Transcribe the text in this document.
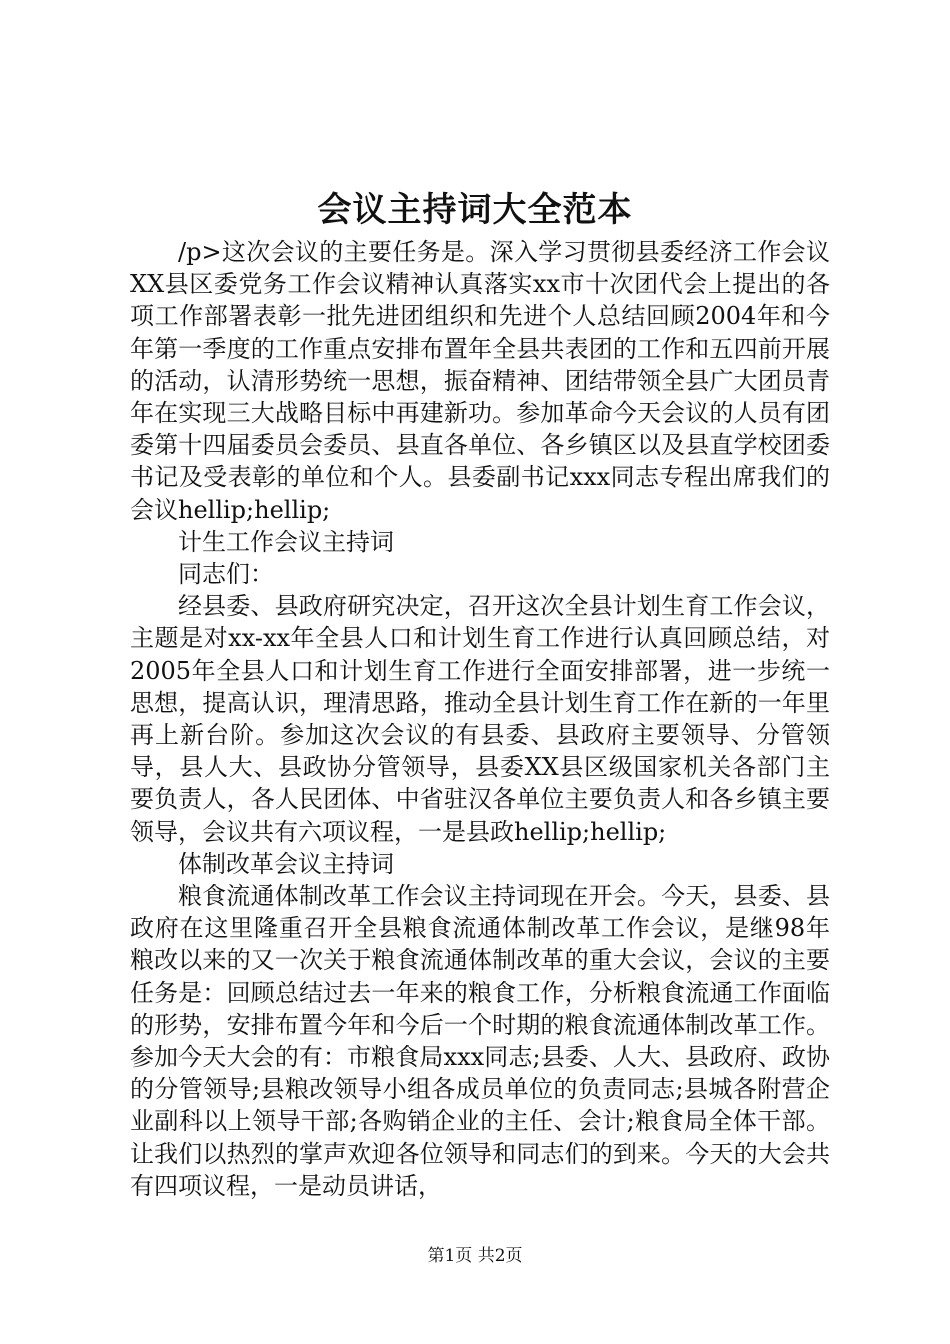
会议主持词大全范本

/p>这次会议的主要任务是。深入学习贯彻县委经济工作会议XX县区委党务工作会议精神认真落实xx市十次团代会上提出的各项工作部署表彰一批先进团组织和先进个人总结回顾2004年和今年第一季度的工作重点安排布置年全县共表团的工作和五四前开展的活动，认清形势统一思想，振奋精神、团结带领全县广大团员青年在实现三大战略目标中再建新功。参加革命今天会议的人员有团委第十四届委员会委员、县直各单位、各乡镇区以及县直学校团委书记及受表彰的单位和个人。县委副书记xxx同志专程出席我们的会议hellip;hellip;

计生工作会议主持词

同志们：

经县委、县政府研究决定，召开这次全县计划生育工作会议，主题是对xx-xx年全县人口和计划生育工作进行认真回顾总结，对2005年全县人口和计划生育工作进行全面安排部署，进一步统一思想，提高认识，理清思路，推动全县计划生育工作在新的一年里再上新台阶。参加这次会议的有县委、县政府主要领导、分管领导，县人大、县政协分管领导，县委XX县区级国家机关各部门主要负责人，各人民团体、中省驻汉各单位主要负责人和各乡镇主要领导，会议共有六项议程，一是县政hellip;hellip;

体制改革会议主持词

粮食流通体制改革工作会议主持词现在开会。今天，县委、县政府在这里隆重召开全县粮食流通体制改革工作会议，是继98年粮改以来的又一次关于粮食流通体制改革的重大会议，会议的主要任务是：回顾总结过去一年来的粮食工作，分析粮食流通工作面临的形势，安排布置今年和今后一个时期的粮食流通体制改革工作。参加今天大会的有：市粮食局xxx同志;县委、人大、县政府、政协的分管领导;县粮改领导小组各成员单位的负责同志;县城各附营企业副科以上领导干部;各购销企业的主任、会计;粮食局全体干部。让我们以热烈的掌声欢迎各位领导和同志们的到来。今天的大会共有四项议程，一是动员讲话，

第1页 共2页
